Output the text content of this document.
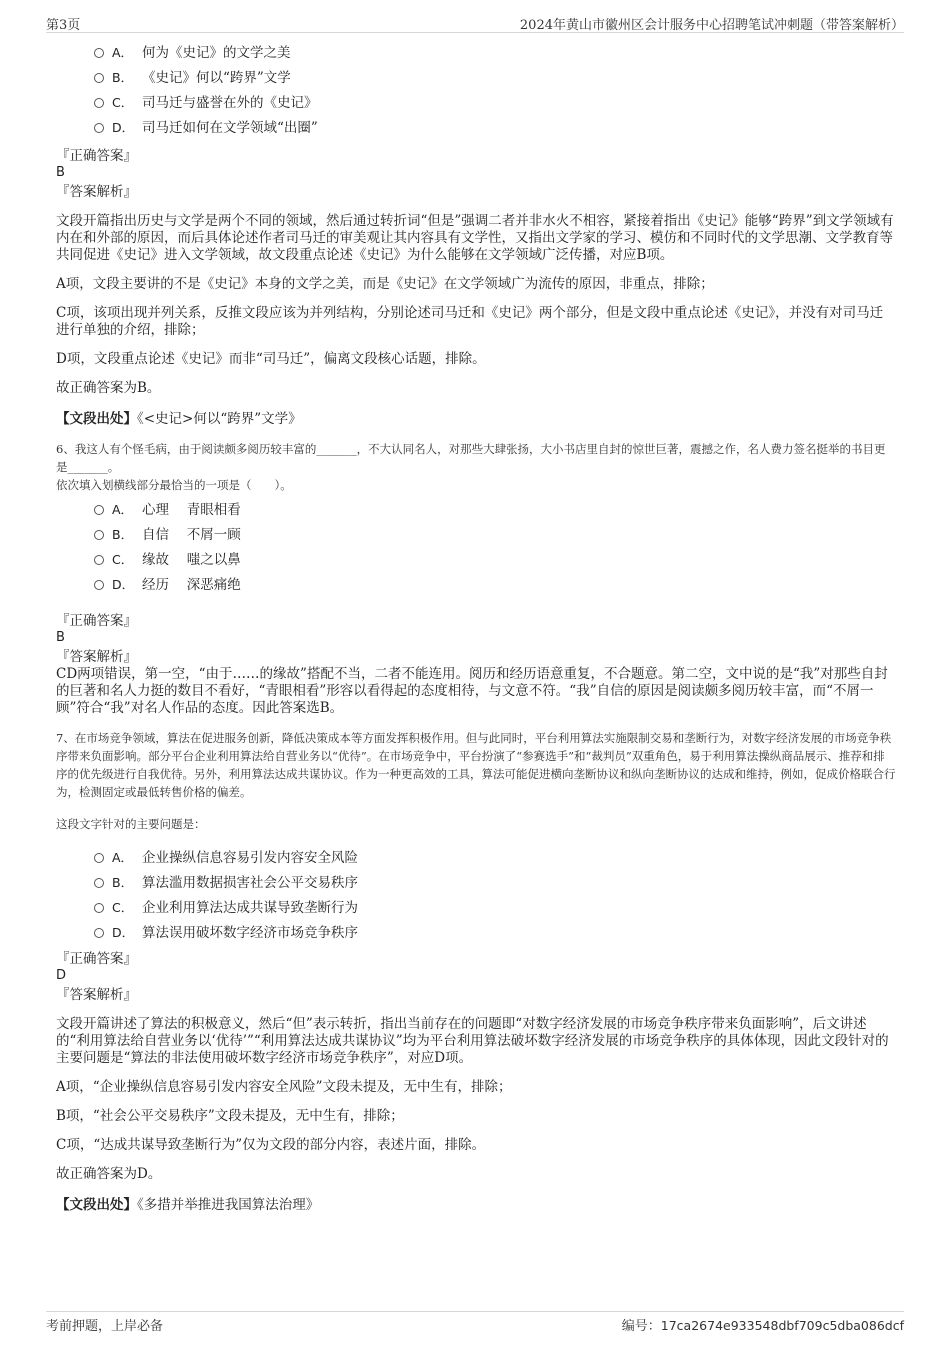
第3页	2024年黄山市徽州区会计服务中心招聘笔试冲刺题（带答案解析）
A． 何为《史记》的文学之美
B． 《史记》何以“跨界”文学
C． 司马迁与盛誉在外的《史记》
D． 司马迁如何在文学领域“出圈”
『正确答案』
B
『答案解析』

文段开篇指出历史与文学是两个不同的领域，然后通过转折词“但是”强调二者并非水火不相容，紧接着指出《史记》能够“跨界”到文学领域有内在和外部的原因，而后具体论述作者司马迁的审美观让其内容具有文学性，又指出文学家的学习、模仿和不同时代的文学思潮、文学教育等共同促进《史记》进入文学领域，故文段重点论述《史记》为什么能够在文学领域广泛传播，对应B项。

A项，文段主要讲的不是《史记》本身的文学之美，而是《史记》在文学领域广为流传的原因，非重点，排除；

C项，该项出现并列关系，反推文段应该为并列结构，分别论述司马迁和《史记》两个部分，但是文段中重点论述《史记》，并没有对司马迁进行单独的介绍，排除；

D项，文段重点论述《史记》而非“司马迁”，偏离文段核心话题，排除。

故正确答案为B。

【文段出处】《<史记>何以“跨界”文学》

6、我这人有个怪毛病，由于阅读颇多阅历较丰富的_______，不大认同名人，对那些大肆张扬，大小书店里自封的惊世巨著，震撼之作，名人费力签名挺举的书目更是_______。

依次填入划横线部分最恰当的一项是（　　）。

A． 心理　 青眼相看
B． 自信　 不屑一顾
C． 缘故　 嗤之以鼻
D． 经历　 深恶痛绝
『正确答案』
B
『答案解析』

CD两项错误，第一空，“由于……的缘故”搭配不当，二者不能连用。阅历和经历语意重复，不合题意。第二空，文中说的是“我”对那些自封的巨著和名人力挺的数目不看好，“青眼相看”形容以看得起的态度相待，与文意不符。“我”自信的原因是阅读颇多阅历较丰富，而“不屑一顾”符合“我”对名人作品的态度。因此答案选B。

7、在市场竞争领域，算法在促进服务创新，降低决策成本等方面发挥积极作用。但与此同时，平台利用算法实施限制交易和垄断行为，对数字经济发展的市场竞争秩序带来负面影响。部分平台企业利用算法给自营业务以“优待”。在市场竞争中，平台扮演了“参赛选手”和“裁判员”双重角色，易于利用算法操纵商品展示、推荐和排序的优先级进行自我优待。另外，利用算法达成共谋协议。作为一种更高效的工具，算法可能促进横向垄断协议和纵向垄断协议的达成和维持，例如，促成价格联合行为，检测固定或最低转售价格的偏差。

这段文字针对的主要问题是：

A． 企业操纵信息容易引发内容安全风险
B． 算法滥用数据损害社会公平交易秩序
C． 企业利用算法达成共谋导致垄断行为
D． 算法误用破坏数字经济市场竞争秩序
『正确答案』
D
『答案解析』

文段开篇讲述了算法的积极意义，然后“但”表示转折，指出当前存在的问题即“对数字经济发展的市场竞争秩序带来负面影响”，后文讲述的“利用算法给自营业务以‘优待’”“利用算法达成共谋协议”均为平台利用算法破坏数字经济发展的市场竞争秩序的具体体现，因此文段针对的主要问题是“算法的非法使用破坏数字经济市场竞争秩序”，对应D项。

A项，“企业操纵信息容易引发内容安全风险”文段未提及，无中生有，排除；

B项，“社会公平交易秩序”文段未提及，无中生有，排除；

C项，“达成共谋导致垄断行为”仅为文段的部分内容，表述片面，排除。

故正确答案为D。

【文段出处】《多措并举推进我国算法治理》
考前押题，上岸必备	编号：17ca2674e933548dbf709c5dba086dcf
